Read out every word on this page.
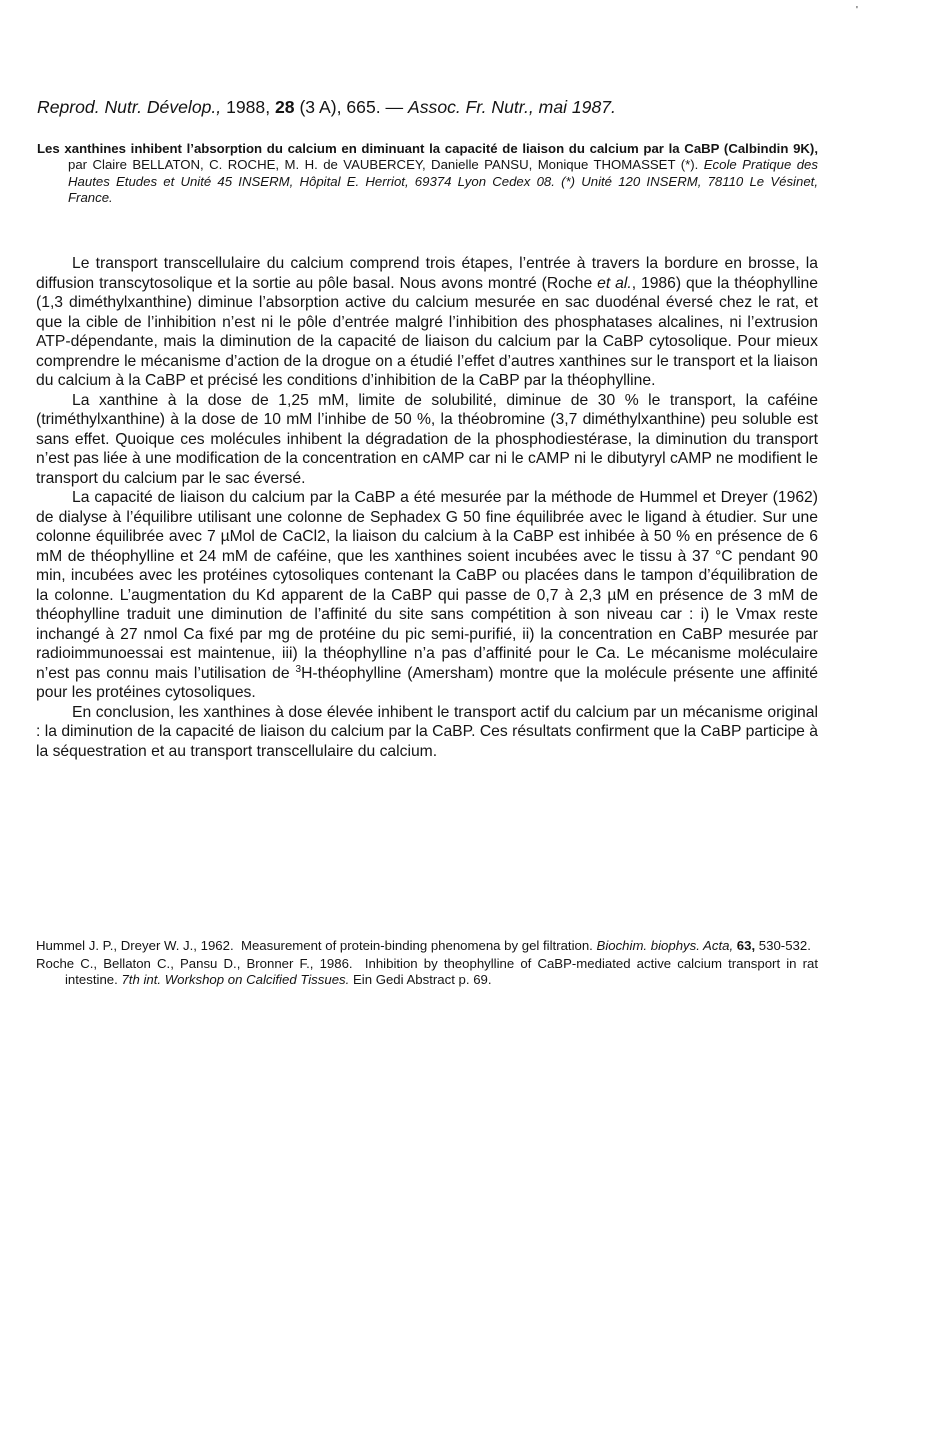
'
Reprod. Nutr. Dévelop., 1988, 28 (3 A), 665. — Assoc. Fr. Nutr., mai 1987.
Les xanthines inhibent l’absorption du calcium en diminuant la capacité de liaison du calcium par la CaBP (Calbindin 9K), par Claire BELLATON, C. ROCHE, M. H. de VAUBERCEY, Danielle PANSU, Monique THOMASSET (*). Ecole Pratique des Hautes Etudes et Unité 45 INSERM, Hôpital E. Herriot, 69374 Lyon Cedex 08. (*) Unité 120 INSERM, 78110 Le Vésinet, France.

Le transport transcellulaire du calcium comprend trois étapes, l’entrée à travers la bordure en brosse, la diffusion transcytosolique et la sortie au pôle basal. Nous avons montré (Roche et al., 1986) que la théophylline (1,3 diméthylxanthine) diminue l’absorption active du calcium mesurée en sac duodénal éversé chez le rat, et que la cible de l’inhibition n’est ni le pôle d’entrée malgré l’inhibition des phosphatases alcalines, ni l’extrusion ATP-dépendante, mais la diminution de la capacité de liaison du calcium par la CaBP cytosolique. Pour mieux comprendre le mécanisme d’action de la drogue on a étudié l’effet d’autres xanthines sur le transport et la liaison du calcium à la CaBP et précisé les conditions d’inhibition de la CaBP par la théophylline.

La xanthine à la dose de 1,25 mM, limite de solubilité, diminue de 30 % le transport, la caféine (triméthylxanthine) à la dose de 10 mM l’inhibe de 50 %, la théobromine (3,7 diméthylxanthine) peu soluble est sans effet. Quoique ces molécules inhibent la dégradation de la phosphodiestérase, la diminution du transport n’est pas liée à une modification de la concentration en cAMP car ni le cAMP ni le dibutyryl cAMP ne modifient le transport du calcium par le sac éversé.

La capacité de liaison du calcium par la CaBP a été mesurée par la méthode de Hummel et Dreyer (1962) de dialyse à l’équilibre utilisant une colonne de Sephadex G 50 fine équilibrée avec le ligand à étudier. Sur une colonne équilibrée avec 7 µMol de CaCl2, la liaison du calcium à la CaBP est inhibée à 50 % en présence de 6 mM de théophylline et 24 mM de caféine, que les xanthines soient incubées avec le tissu à 37 °C pendant 90 min, incubées avec les protéines cytosoliques contenant la CaBP ou placées dans le tampon d’équilibration de la colonne. L’augmentation du Kd apparent de la CaBP qui passe de 0,7 à 2,3 µM en présence de 3 mM de théophylline traduit une diminution de l’affinité du site sans compétition à son niveau car : i) le Vmax reste inchangé à 27 nmol Ca fixé par mg de protéine du pic semi-purifié, ii) la concentration en CaBP mesurée par radioimmunoessai est maintenue, iii) la théophylline n’a pas d’affinité pour le Ca. Le mécanisme moléculaire n’est pas connu mais l’utilisation de $^3$H-théophylline (Amersham) montre que la molécule présente une affinité pour les protéines cytosoliques.

En conclusion, les xanthines à dose élevée inhibent le transport actif du calcium par un mécanisme original : la diminution de la capacité de liaison du calcium par la CaBP. Ces résultats confirment que la CaBP participe à la séquestration et au transport transcellulaire du calcium.

Hummel J. P., Dreyer W. J., 1962. Measurement of protein-binding phenomena by gel filtration. Biochim. biophys. Acta, 63, 530-532.
Roche C., Bellaton C., Pansu D., Bronner F., 1986. Inhibition by theophylline of CaBP-mediated active calcium transport in rat intestine. 7th int. Workshop on Calcified Tissues. Ein Gedi Abstract p. 69.
